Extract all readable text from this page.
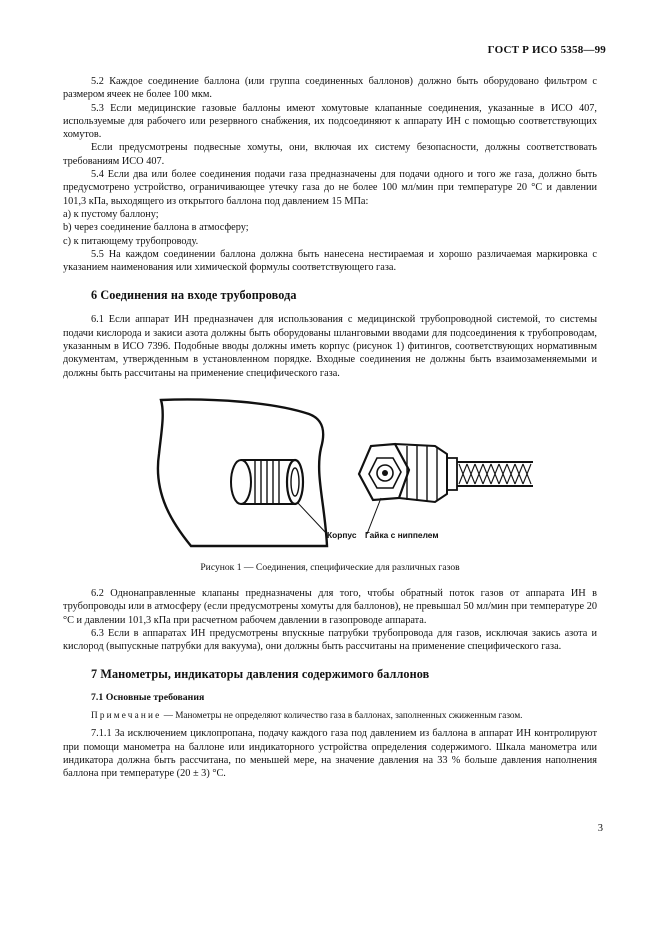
ГОСТ Р ИСО 5358—99

5.2 Каждое соединение баллона (или группа соединенных баллонов) должно быть оборудовано фильтром с размером ячеек не более 100 мкм.

5.3 Если медицинские газовые баллоны имеют хомутовые клапанные соединения, указанные в ИСО 407, используемые для рабочего или резервного снабжения, их подсоединяют к аппарату ИН с помощью соответствующих хомутов.

Если предусмотрены подвесные хомуты, они, включая их систему безопасности, должны соответствовать требованиям ИСО 407.

5.4 Если два или более соединения подачи газа предназначены для подачи одного и того же газа, должно быть предусмотрено устройство, ограничивающее утечку газа до не более 100 мл/мин при температуре 20 °С и давлении 101,3 кПа, выходящего из открытого баллона под давлением 15 МПа:

а) к пустому баллону;

b) через соединение баллона в атмосферу;

с) к питающему трубопроводу.

5.5 На каждом соединении баллона должна быть нанесена нестираемая и хорошо различаемая маркировка с указанием наименования или химической формулы соответствующего газа.

6 Соединения на входе трубопровода

6.1 Если аппарат ИН предназначен для использования с медицинской трубопроводной системой, то системы подачи кислорода и закиси азота должны быть оборудованы шланговыми вводами для подсоединения к трубопроводам, указанным в ИСО 7396. Подобные вводы должны иметь корпус (рисунок 1) фитингов, соответствующих нормативным документам, утвержденным в установленном порядке. Входные соединения не должны быть взаимозаменяемыми и должны быть рассчитаны на применение специфического газа.

Корпус Гайка с ниппелем
Рисунок 1 — Соединения, специфические для различных газов

6.2 Однонаправленные клапаны предназначены для того, чтобы обратный поток газов от аппарата ИН в трубопроводы или в атмосферу (если предусмотрены хомуты для баллонов), не превышал 50 мл/мин при температуре 20 °С и давлении 101,3 кПа при расчетном рабочем давлении в газопроводе аппарата.

6.3 Если в аппаратах ИН предусмотрены впускные патрубки трубопровода для газов, исключая закись азота и кислород (выпускные патрубки для вакуума), они должны быть рассчитаны на применение специфического газа.

7 Манометры, индикаторы давления содержимого баллонов
7.1 Основные требования

Примечание — Манометры не определяют количество газа в баллонах, заполненных сжиженным газом.

7.1.1 За исключением циклопропана, подачу каждого газа под давлением из баллона в аппарат ИН контролируют при помощи манометра на баллоне или индикаторного устройства определения содержимого. Шкала манометра или индикатора должна быть рассчитана, по меньшей мере, на значение давления на 33 % больше давления наполнения баллона при температуре (20 ± 3) °С.

3
